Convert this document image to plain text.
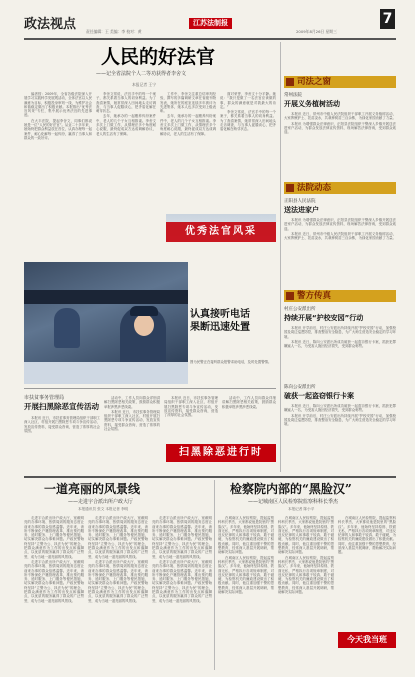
政法视点	江苏法制报
责任编辑：王 美编：李 校对：黄	2009年8月26日 星期三
7
人民的好法官
——记全省法院个人二等功获得者李舍文
本报记者 王宁

编者按：2009年，全省各级法院深入开展学习实践科学发展观活动，全体法官以人民满意为目标，积极投身审判一线，为维护社会和谐稳定做出了积极贡献。本报推出“优秀法官风采”专栏，集中展示优秀法官的先进事迹。

在大丰法院，提起李舍文，同事们都说她是一位“人民的好法官”。从业二十多年来，她始终把群众利益放在首位，认真办理每一起案件，耐心化解每一起纠纷，赢得了当事人和群众的一致好评。

李舍文常说，法官手中的每一个案子，都关系着当事人的切身利益。为了查清案情，她常常深入田间地头走访调查，与当事人促膝谈心，把矛盾化解在萌芽状态。

去年，她承办的一起赡养纠纷案件中，老人的几个子女互相推诿。李舍文多次上门做工作，从情理法多个角度耐心说服，最终促成双方达成调解协议，老人的生活有了保障。

工作中，李舍文注重总结审判经验，撰写的多篇调研文章在省级刊物发表，她所在的庭室连续多年被评为先进集体，她本人也多次受到上级表彰。

去年，她承办的一起赡养纠纷案件中，老人的几个子女互相推诿。李舍文多次上门做工作，从情理法多个角度耐心说服，最终促成双方达成调解协议，老人的生活有了保障。

面对荣誉，李舍文十分平静。她说：“我只是做了一名法官应该做的事，群众的满意就是对我最大的肯定。”

李舍文常说，法官手中的每一个案子，都关系着当事人的切身利益。为了查清案情，她常常深入田间地头走访调查，与当事人促膝谈心，把矛盾化解在萌芽状态。

优秀法官风采
图为民警正在接听群众报警求助电话，及时处置警情。
认真接听电话
果断迅速处置
市扶贫事务管理局
开展扫黑除恶宣传活动

本报讯 近日，市扶贫事务管理局组织干部职工深入社区、村组开展扫黑除恶专项斗争宣传活动，发放宣传资料，接受群众咨询，营造了浓厚的社会氛围。

活动中，工作人员向群众详细讲解扫黑除恶相关政策，鼓励群众积极举报涉黑涉恶线索。

本报讯 近日，市扶贫事务管理局组织干部职工深入社区、村组开展扫黑除恶专项斗争宣传活动，发放宣传资料，接受群众咨询，营造了浓厚的社会氛围。

本报讯 近日，市扶贫事务管理局组织干部职工深入社区、村组开展扫黑除恶专项斗争宣传活动，发放宣传资料，接受群众咨询，营造了浓厚的社会氛围。

活动中，工作人员向群众详细讲解扫黑除恶相关政策，鼓励群众积极举报涉黑涉恶线索。

扫黑除恶进行时
司法之窗
常州法院
开展义务植树活动

本报讯 近日，常州市中级人民法院组织干部职工开展义务植树活动，大家挥锹铲土、扶苗浇水，共栽种树苗三百余株，为绿化家园贡献了力量。

本报讯 为增强群众法律意识，正阳县法院组织干警深入乡镇开展送法进家户活动，为群众发放法律宣传资料，现场解答法律咨询，受到群众欢迎。

法院动态
正阳县人民法院
送法进家户

本报讯 为增强群众法律意识，正阳县法院组织干警深入乡镇开展送法进家户活动，为群众发放法律宣传资料，现场解答法律咨询，受到群众欢迎。

本报讯 近日，常州市中级人民法院组织干部职工开展义务植树活动，大家挥锹铲土、扶苗浇水，共栽种树苗三百余株，为绿化家园贡献了力量。

警方传真
村庄公安派出所
持续开展“护校安园”行动

本报讯 开学前后，村庄公安派出所持续开展“护校安园”行动，加强校园及周边巡逻防控，排查整治安全隐患，为广大师生营造安全稳定的学习环境。

本报讯 近日，陈向公安派出所成功破获一起盗窃银行卡案，抓获犯罪嫌疑人一名，为受害人挽回经济损失，受到群众称赞。

陈向公安派出所
破获一起盗窃银行卡案

本报讯 近日，陈向公安派出所成功破获一起盗窃银行卡案，抓获犯罪嫌疑人一名，为受害人挽回经济损失，受到群众称赞。

本报讯 开学前后，村庄公安派出所持续开展“护校安园”行动，加强校园及周边巡逻防控，排查整治安全隐患，为广大师生营造安全稳定的学习环境。

一道亮丽的风景线
——走进宇合派出所户政大厅
本报通讯员 张文 本报记者 李明

走进宇合派出所户政大厅，宽敞明亮的办事环境、热情周到的服务态度让前来办事的群众倍感温馨。近年来，该所不断深化户籍管理改革，推出预约服务、延时服务、上门服务等便民措施，切实解决群众办事难问题。户政民警始终坚持“立警为公、执法为民”的理念，把群众满意作为工作的出发点和落脚点，以优质的服务赢得了群众的广泛赞誉，成为当地一道亮丽的风景线。

走进宇合派出所户政大厅，宽敞明亮的办事环境、热情周到的服务态度让前来办事的群众倍感温馨。近年来，该所不断深化户籍管理改革，推出预约服务、延时服务、上门服务等便民措施，切实解决群众办事难问题。户政民警始终坚持“立警为公、执法为民”的理念，把群众满意作为工作的出发点和落脚点，以优质的服务赢得了群众的广泛赞誉，成为当地一道亮丽的风景线。

走进宇合派出所户政大厅，宽敞明亮的办事环境、热情周到的服务态度让前来办事的群众倍感温馨。近年来，该所不断深化户籍管理改革，推出预约服务、延时服务、上门服务等便民措施，切实解决群众办事难问题。户政民警始终坚持“立警为公、执法为民”的理念，把群众满意作为工作的出发点和落脚点，以优质的服务赢得了群众的广泛赞誉，成为当地一道亮丽的风景线。

走进宇合派出所户政大厅，宽敞明亮的办事环境、热情周到的服务态度让前来办事的群众倍感温馨。近年来，该所不断深化户籍管理改革，推出预约服务、延时服务、上门服务等便民措施，切实解决群众办事难问题。户政民警始终坚持“立警为公、执法为民”的理念，把群众满意作为工作的出发点和落脚点，以优质的服务赢得了群众的广泛赞誉，成为当地一道亮丽的风景线。

走进宇合派出所户政大厅，宽敞明亮的办事环境、热情周到的服务态度让前来办事的群众倍感温馨。近年来，该所不断深化户籍管理改革，推出预约服务、延时服务、上门服务等便民措施，切实解决群众办事难问题。户政民警始终坚持“立警为公、执法为民”的理念，把群众满意作为工作的出发点和落脚点，以优质的服务赢得了群众的广泛赞誉，成为当地一道亮丽的风景线。

走进宇合派出所户政大厅，宽敞明亮的办事环境、热情周到的服务态度让前来办事的群众倍感温馨。近年来，该所不断深化户籍管理改革，推出预约服务、延时服务、上门服务等便民措施，切实解决群众办事难问题。户政民警始终坚持“立警为公、执法为民”的理念，把群众满意作为工作的出发点和落脚点，以优质的服务赢得了群众的广泛赞誉，成为当地一道亮丽的风景线。

检察院内部的“黑脸汉”
——记城南区人民检察院监察科科长季杰
本报记者 陈小平

在城南区人民检察院，提起监察科科长季杰，大家都说他是院里的“黑脸汉”。多年来，他始终坚持原则、铁面无私，严格执行各项规章制度，对违反纪律的人和事敢于较真、敢于碰硬，为检察机关的廉政建设做出了积极贡献。同时，他注重加强干警的思想教育，经常深入基层开展调研，帮助解决实际问题。

在城南区人民检察院，提起监察科科长季杰，大家都说他是院里的“黑脸汉”。多年来，他始终坚持原则、铁面无私，严格执行各项规章制度，对违反纪律的人和事敢于较真、敢于碰硬，为检察机关的廉政建设做出了积极贡献。同时，他注重加强干警的思想教育，经常深入基层开展调研，帮助解决实际问题。

在城南区人民检察院，提起监察科科长季杰，大家都说他是院里的“黑脸汉”。多年来，他始终坚持原则、铁面无私，严格执行各项规章制度，对违反纪律的人和事敢于较真、敢于碰硬，为检察机关的廉政建设做出了积极贡献。同时，他注重加强干警的思想教育，经常深入基层开展调研，帮助解决实际问题。

在城南区人民检察院，提起监察科科长季杰，大家都说他是院里的“黑脸汉”。多年来，他始终坚持原则、铁面无私，严格执行各项规章制度，对违反纪律的人和事敢于较真、敢于碰硬，为检察机关的廉政建设做出了积极贡献。同时，他注重加强干警的思想教育，经常深入基层开展调研，帮助解决实际问题。

在城南区人民检察院，提起监察科科长季杰，大家都说他是院里的“黑脸汉”。多年来，他始终坚持原则、铁面无私，严格执行各项规章制度，对违反纪律的人和事敢于较真、敢于碰硬，为检察机关的廉政建设做出了积极贡献。同时，他注重加强干警的思想教育，经常深入基层开展调研，帮助解决实际问题。

今天我当班
